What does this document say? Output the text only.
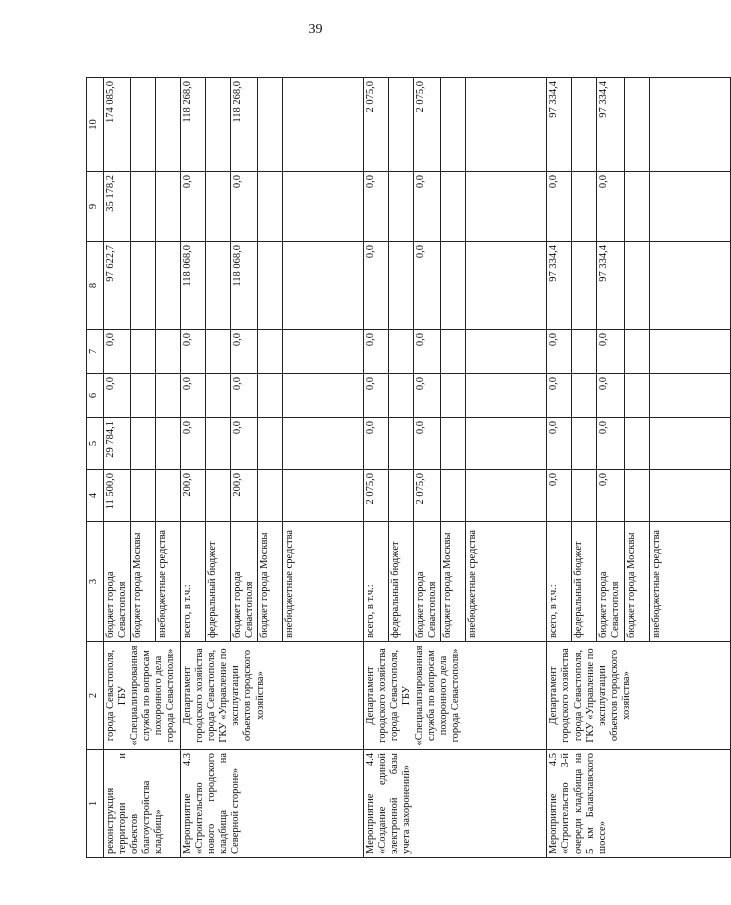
39
1	2	3	4	5	6	7	8	9	10
реконструкция территории и объектов благоустройства кладбищ»	города Севастополя, ГБУ «Специализированная служба по вопросам похоронного дела города Севастополя»	бюджет города Севастополя	11 500,0	29 784,1	0,0	0,0	97 622,7	35 178,2	174 085,0
		бюджет города Москвы							
		внебюджетные средства							
Мероприятие 4.3 «Строительство нового городского кладбища на Северной стороне»	Департамент городского хозяйства города Севастополя, ГКУ «Управление по эксплуатации объектов городского хозяйства»	всего, в т.ч.:	200,0	0,0	0,0	0,0	118 068,0	0,0	118 268,0
		федеральный бюджет							
		бюджет города Севастополя	200,0	0,0	0,0	0,0	118 068,0	0,0	118 268,0
		бюджет города Москвы							
		внебюджетные средства							
Мероприятие 4.4 «Создание единой электронной базы учета захоронений»	Департамент городского хозяйства города Севастополя, ГБУ «Специализированная служба по вопросам похоронного дела города Севастополя»	всего, в т.ч.:	2 075,0	0,0	0,0	0,0	0,0	0,0	2 075,0
		федеральный бюджет							
		бюджет города Севастополя	2 075,0	0,0	0,0	0,0	0,0	0,0	2 075,0
		бюджет города Москвы							
		внебюджетные средства							
Мероприятие 4.5 «Строительство 3-й очереди кладбища на 5 км Балаклавского шоссе»	Департамент городского хозяйства города Севастополя, ГКУ «Управление по эксплуатации объектов городского хозяйства»	всего, в т.ч.:	0,0	0,0	0,0	0,0	97 334,4	0,0	97 334,4
		федеральный бюджет							
		бюджет города Севастополя	0,0	0,0	0,0	0,0	97 334,4	0,0	97 334,4
		бюджет города Москвы							
		внебюджетные средства							
